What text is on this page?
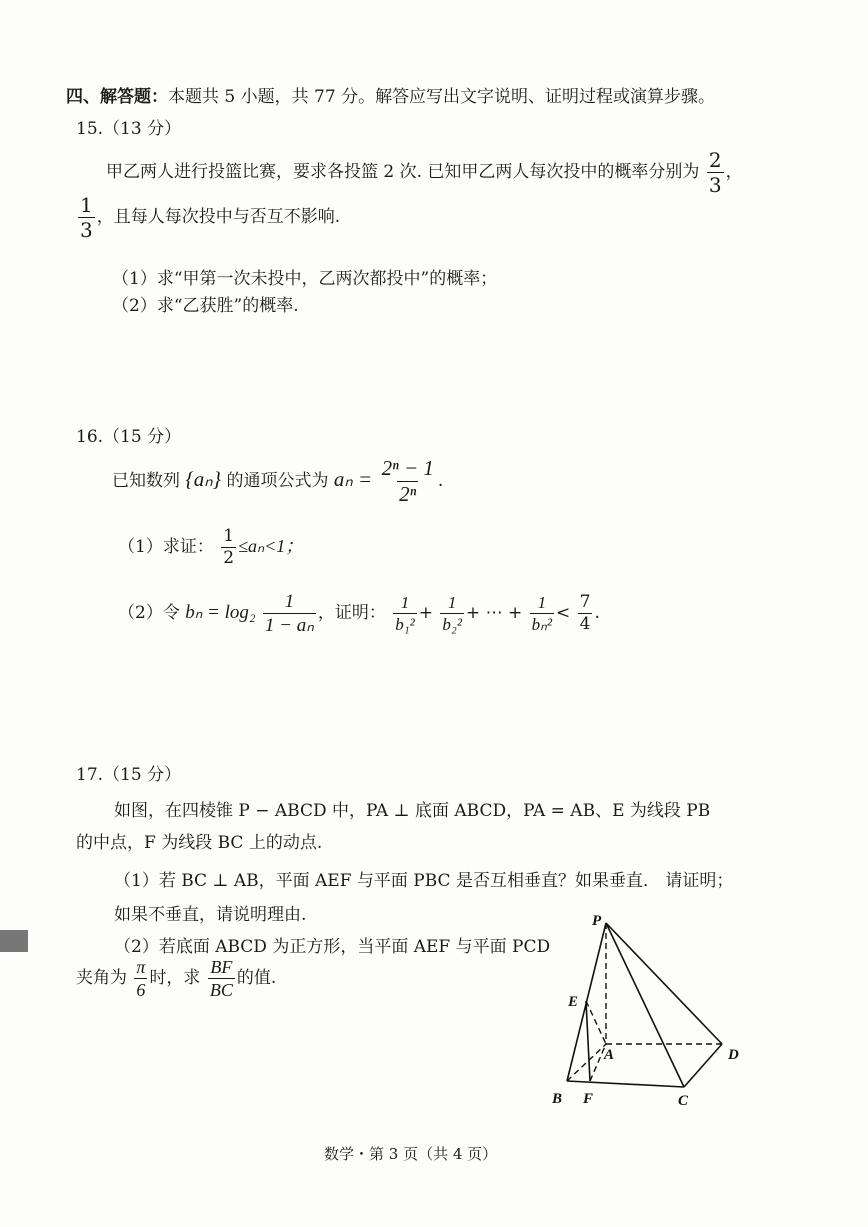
四、解答题：本题共 5 小题，共 77 分。解答应写出文字说明、证明过程或演算步骤。
15.（13 分）
甲乙两人进行投篮比赛，要求各投篮 2 次. 已知甲乙两人每次投中的概率分别为 $\frac{2}{3}$ ，
$\frac{1}{3}$ ，且每人每次投中与否互不影响.
（1）求“甲第一次未投中，乙两次都投中”的概率；
（2）求“乙获胜”的概率.
16.（15 分）
已知数列 {aₙ} 的通项公式为 $a_n = \frac{\text{2ⁿ − 1}}{\text{2ⁿ}}$ .
（1）求证： $\frac{1}{2} \le a_n<1$；
（2）令 $b_n = \log_2 \frac{1}{\text{1 − aₙ}}$ ，证明： $\frac{1}{\text{b₁²}} + \frac{1}{\text{b₂²}}$ + ⋯ + $\frac{1}{\text{bₙ²}} < \frac{7}{4}$ .
17.（15 分）
如图，在四棱锥 P − ABCD 中，PA ⊥ 底面 ABCD，PA = AB、E 为线段 PB
的中点，F 为线段 BC 上的动点.
（1）若 BC ⊥ AB，平面 AEF 与平面 PBC 是否互相垂直？如果垂直． 请证明；
如果不垂直，请说明理由.
（2）若底面 ABCD 为正方形，当平面 AEF 与平面 PCD
夹角为 $\frac{\pi}{6}$ 时，求 $\frac{BF}{BC}$ 的值.
P
E
A	D
B F	C
数学・第 3 页（共 4 页）
